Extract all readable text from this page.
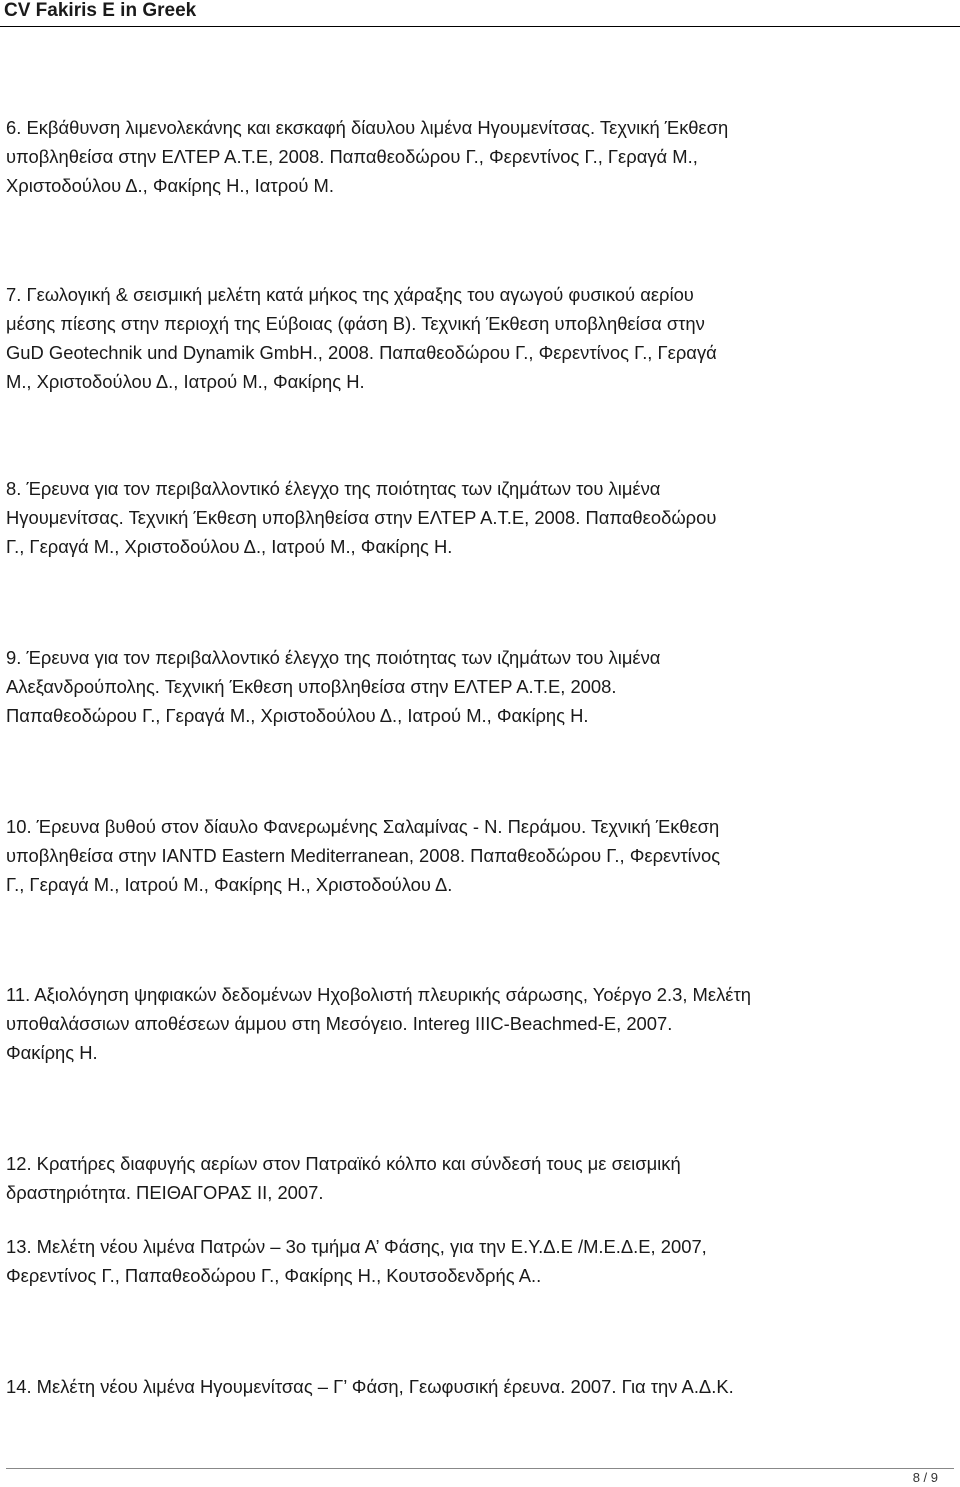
CV Fakiris E in Greek

6. Εκβάθυνση λιμενολεκάνης και εκσκαφή δίαυλου λιμένα Ηγουμενίτσας. Τεχνική Έκθεση
υποβληθείσα στην ΕΛΤΕΡ Α.Τ.Ε, 2008. Παπαθεοδώρου Γ., Φερεντίνος Γ., Γεραγά Μ.,
Χριστοδούλου Δ., Φακίρης Η., Ιατρού Μ.

7. Γεωλογική & σεισμική μελέτη κατά μήκος της χάραξης του αγωγού φυσικού αερίου
μέσης πίεσης στην περιοχή της Εύβοιας (φάση Β). Τεχνική Έκθεση υποβληθείσα στην
GuD Geotechnik und Dynamik GmbH., 2008. Παπαθεοδώρου Γ., Φερεντίνος Γ., Γεραγά
Μ., Χριστοδούλου Δ., Ιατρού Μ., Φακίρης Η.

8. Έρευνα για τον περιβαλλοντικό έλεγχο της ποιότητας των ιζημάτων του λιμένα
Ηγουμενίτσας. Τεχνική Έκθεση υποβληθείσα στην ΕΛΤΕΡ Α.Τ.Ε, 2008. Παπαθεοδώρου
Γ., Γεραγά Μ., Χριστοδούλου Δ., Ιατρού Μ., Φακίρης Η.

9. Έρευνα για τον περιβαλλοντικό έλεγχο της ποιότητας των ιζημάτων του λιμένα
Αλεξανδρούπολης. Τεχνική Έκθεση υποβληθείσα στην ΕΛΤΕΡ Α.Τ.Ε, 2008.
Παπαθεοδώρου Γ., Γεραγά Μ., Χριστοδούλου Δ., Ιατρού Μ., Φακίρης Η.

10. Έρευνα βυθού στον δίαυλο Φανερωμένης Σαλαμίνας - Ν. Περάμου. Τεχνική Έκθεση
υποβληθείσα στην IANTD Eastern Mediterranean, 2008. Παπαθεοδώρου Γ., Φερεντίνος
Γ., Γεραγά Μ., Ιατρού Μ., Φακίρης Η., Χριστοδούλου Δ.

11. Αξιολόγηση ψηφιακών δεδομένων Ηχοβολιστή πλευρικής σάρωσης, Υοέργο 2.3, Μελέτη
υποθαλάσσιων αποθέσεων άμμου στη Μεσόγειο. Intereg IIIC-Beachmed-E, 2007.
Φακίρης Η.

12. Κρατήρες διαφυγής αερίων στον Πατραϊκό κόλπο και σύνδεσή τους με σεισμική
δραστηριότητα. ΠΕΙΘΑΓΟΡΑΣ ΙΙ, 2007.

13. Μελέτη νέου λιμένα Πατρών – 3ο τμήμα Α’ Φάσης, για την Ε.Υ.Δ.Ε /Μ.Ε.Δ.Ε, 2007,
Φερεντίνος Γ., Παπαθεοδώρου Γ., Φακίρης Η., Κουτσοδενδρής Α..

14. Μελέτη νέου λιμένα Ηγουμενίτσας – Γ’ Φάση, Γεωφυσική έρευνα. 2007. Για την Α.Δ.Κ.

8 / 9
